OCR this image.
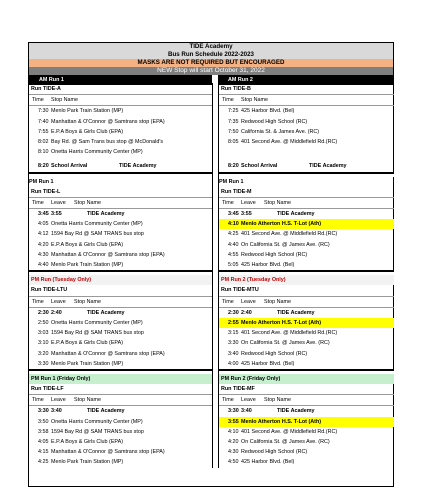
TIDE Academy
Bus Run Schedule 2022-2023
MASKS ARE NOT REQUIRED BUT ENCOURAGED
NEW Stop will start October 31, 2022
AM Run 1	AM Run 2
Run TIDE-A
Time Stop Name
7:30 Menlo Park Train Station (MP)
7:40 Manhattan & O'Connor @ Samtrans stop (EPA)
7:55 E.P.A Boys & Girls Club (EPA)
8:02 Bay Rd. @ Sam Trans bus stop @ McDonald's
8:10 Onetta Harris Community Center (MP)
8:20 School Arrival	TIDE Academy
PM Run 1
Run TIDE-L
Time Leave Stop Name
3:45 3:55	TIDE Academy
4:05 Onetta Harris Community Center (MP)
4:12 1594 Bay Rd @ SAM TRANS bus stop
4:20 E.P.A Boys & Girls Club (EPA)
4:30 Manhattan & O'Connor @ Samtrans stop (EPA)
4:40 Menlo Park Train Station (MP)
PM Run (Tuesday Only)
Run TIDE-LTU
Time Leave Stop Name
2:30 2:40	TIDE Academy
2:50 Onetta Harris Community Center (MP)
3:03 1594 Bay Rd @ SAM TRANS bus stop
3:10 E.P.A Boys & Girls Club (EPA)
3:20 Manhattan & O'Connor @ Samtrans stop (EPA)
3:30 Menlo Park Train Station (MP)
PM Run 1 (Friday Only)
Run TIDE-LF
Time Leave Stop Name
3:30 3:40	TIDE Academy
3:50 Onetta Harris Community Center (MP)
3:58 1594 Bay Rd @ SAM TRANS bus stop
4:05 E.P.A Boys & Girls Club (EPA)
4:15 Manhattan & O'Connor @ Samtrans stop (EPA)
4:25 Menlo Park Train Station (MP)
Run TIDE-B
Time Stop Name
7:25 425 Harbor Blvd. (Bel)
7:35 Redwood High School (RC)
7:50 California St. & James Ave. (RC)
8:05 401 Second Ave. @ Middlefield Rd.(RC)
8:20 School Arrival	TIDE Academy
PM Run 1
Run TIDE-M
Time Leave Stop Name
3:45 3:55	TIDE Academy
4:10 Menlo Atherton H.S. T-Lot (Ath)
4:25 401 Second Ave. @ Middlefield Rd.(RC)
4:40 On California St. @ James Ave. (RC)
4:55 Redwood High School (RC)
5:05 425 Harbor Blvd. (Bel)
PM Run 2 (Tuesday Only)
Run TIDE-MTU
Time Leave Stop Name
2:30 2:40	TIDE Academy
2:55 Menlo Atherton H.S. T-Lot (Ath)
3:15 401 Second Ave. @ Middlefield Rd.(RC)
3:30 On California St. @ James Ave. (RC)
3:40 Redwood High School (RC)
4:00 425 Harbor Blvd. (Bel)
PM Run 2 (Friday Only)
Run TIDE-MF
Time Leave Stop Name
3:30 3:40	TIDE Academy
3:55 Menlo Atherton H.S. T-Lot (Ath)
4:10 401 Second Ave. @ Middlefield Rd.(RC)
4:20 On California St. @ James Ave. (RC)
4:30 Redwood High School (RC)
4:50 425 Harbor Blvd. (Bel)
